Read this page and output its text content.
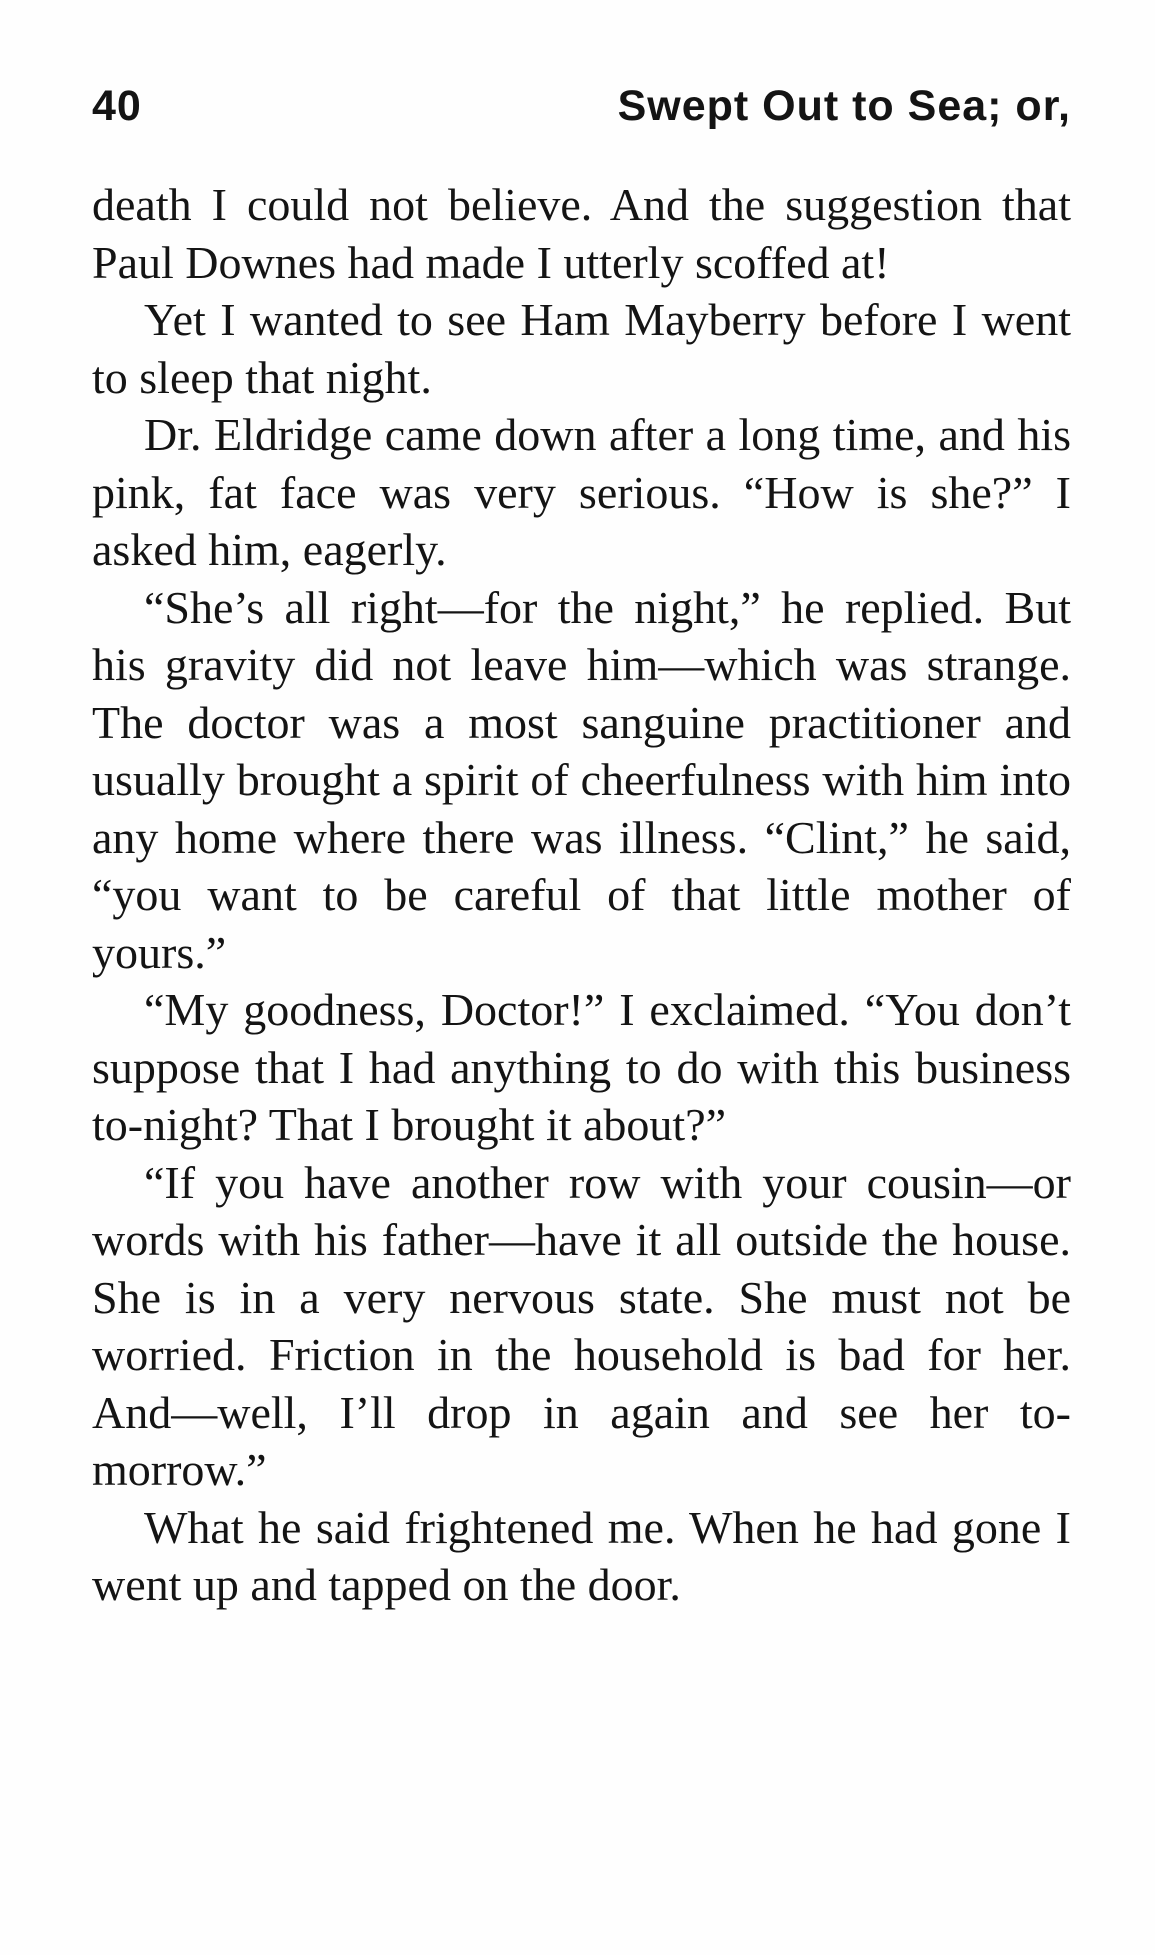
40	Swept Out to Sea; or,

death I could not believe. And the suggestion that Paul Downes had made I utterly scoffed at!

Yet I wanted to see Ham Mayberry before I went to sleep that night.

Dr. Eldridge came down after a long time, and his pink, fat face was very serious. “How is she?” I asked him, eagerly.

“She’s all right—for the night,” he replied. But his gravity did not leave him—which was strange. The doctor was a most sanguine practitioner and usually brought a spirit of cheerfulness with him into any home where there was illness. “Clint,” he said, “you want to be careful of that little mother of yours.”

“My goodness, Doctor!” I exclaimed. “You don’t suppose that I had anything to do with this business to-night? That I brought it about?”

“If you have another row with your cousin—or words with his father—have it all outside the house. She is in a very nervous state. She must not be worried. Friction in the household is bad for her. And—well, I’ll drop in again and see her to-morrow.”

What he said frightened me. When he had gone I went up and tapped on the door.
